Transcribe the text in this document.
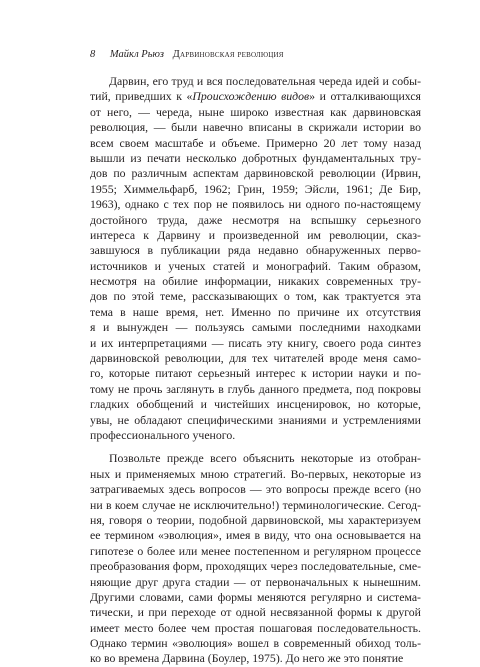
8 Майкл Рьюз Дарвиновская революция
Дарвин, его труд и вся последовательная череда идей и собы-
тий, приведших к «Происхождению видов» и отталкивающихся
от него, — череда, ныне широко известная как дарвиновская
революция, — были навечно вписаны в скрижали истории во
всем своем масштабе и объеме. Примерно 20 лет тому назад
вышли из печати несколько добротных фундаментальных тру-
дов по различным аспектам дарвиновской революции (Ирвин,
1955; Химмельфарб, 1962; Грин, 1959; Эйсли, 1961; Де Бир,
1963), однако с тех пор не появилось ни одного по-настоящему
достойного труда, даже несмотря на вспышку серьезного
интереса к Дарвину и произведенной им революции, сказ-
завшуюся в публикации ряда недавно обнаруженных перво-
источников и ученых статей и монографий. Таким образом,
несмотря на обилие информации, никаких современных тру-
дов по этой теме, рассказывающих о том, как трактуется эта
тема в наше время, нет. Именно по причине их отсутствия
я и вынужден — пользуясь самыми последними находками
и их интерпретациями — писать эту книгу, своего рода синтез
дарвиновской революции, для тех читателей вроде меня само-
го, которые питают серьезный интерес к истории науки и по-
тому не прочь заглянуть в глубь данного предмета, под покровы
гладких обобщений и чистейших инсценировок, но которые,
увы, не обладают специфическими знаниями и устремлениями
профессионального ученого.
Позвольте прежде всего объяснить некоторые из отобран-
ных и применяемых мною стратегий. Во-первых, некоторые из
затрагиваемых здесь вопросов — это вопросы прежде всего (но
ни в коем случае не исключительно!) терминологические. Сегод-
ня, говоря о теории, подобной дарвиновской, мы характеризуем
ее термином «эволюция», имея в виду, что она основывается на
гипотезе о более или менее постепенном и регулярном процессе
преобразования форм, проходящих через последовательные, сме-
няющие друг друга стадии — от первоначальных к нынешним.
Другими словами, сами формы меняются регулярно и система-
тически, и при переходе от одной несвязанной формы к другой
имеет место более чем простая пошаговая последовательность.
Однако термин «эволюция» вошел в современный обиход толь-
ко во времена Дарвина (Боулер, 1975). До него же это понятие
